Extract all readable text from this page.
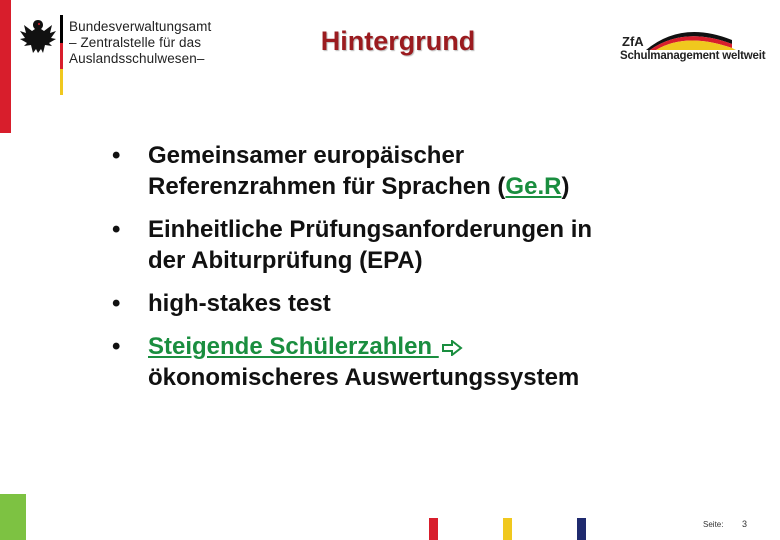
Bundesverwaltungsamt
– Zentralstelle für das
Auslandsschulwesen–
Hintergrund	ZfA
Schulmanagement weltweit
• Gemeinsamer europäischer
Referenzrahmen für Sprachen (Ge.R)
• Einheitliche Prüfungsanforderungen in
der Abiturprüfung (EPA)
• high-stakes test
• Steigende Schülerzahlen
ökonomischeres Auswertungssystem
Seite: 3
